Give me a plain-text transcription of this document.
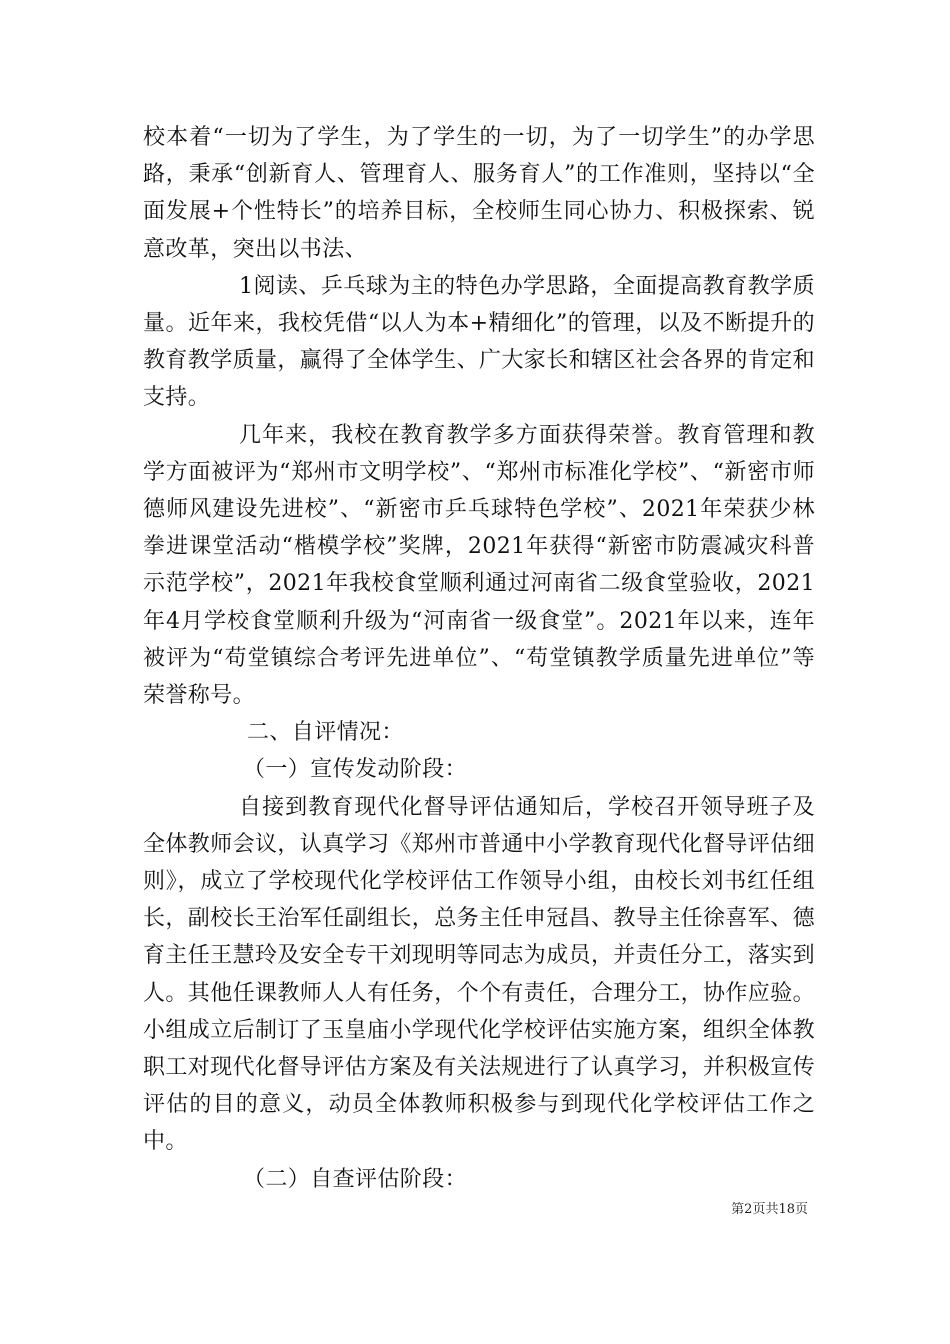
校本着“一切为了学生，为了学生的一切，为了一切学生”的办学思路，秉承“创新育人、管理育人、服务育人”的工作准则，坚持以“全面发展+个性特长”的培养目标，全校师生同心协力、积极探索、锐意改革，突出以书法、

1阅读、乒乓球为主的特色办学思路，全面提高教育教学质量。近年来，我校凭借“以人为本+精细化”的管理，以及不断提升的教育教学质量，赢得了全体学生、广大家长和辖区社会各界的肯定和支持。

几年来，我校在教育教学多方面获得荣誉。教育管理和教学方面被评为“郑州市文明学校”、“郑州市标准化学校”、“新密市师德师风建设先进校”、“新密市乒乓球特色学校”、2021年荣获少林拳进课堂活动“楷模学校”奖牌，2021年获得“新密市防震减灾科普示范学校”，2021年我校食堂顺利通过河南省二级食堂验收，2021年4月学校食堂顺利升级为“河南省一级食堂”。2021年以来，连年被评为“苟堂镇综合考评先进单位”、“苟堂镇教学质量先进单位”等荣誉称号。

二、自评情况：

（一）宣传发动阶段：

自接到教育现代化督导评估通知后，学校召开领导班子及全体教师会议，认真学习《郑州市普通中小学教育现代化督导评估细则》，成立了学校现代化学校评估工作领导小组，由校长刘书红任组长，副校长王治军任副组长，总务主任申冠昌、教导主任徐喜军、德育主任王慧玲及安全专干刘现明等同志为成员，并责任分工，落实到人。其他任课教师人人有任务，个个有责任，合理分工，协作应验。小组成立后制订了玉皇庙小学现代化学校评估实施方案，组织全体教职工对现代化督导评估方案及有关法规进行了认真学习，并积极宣传评估的目的意义，动员全体教师积极参与到现代化学校评估工作之中。

（二）自查评估阶段：

第2页共18页
